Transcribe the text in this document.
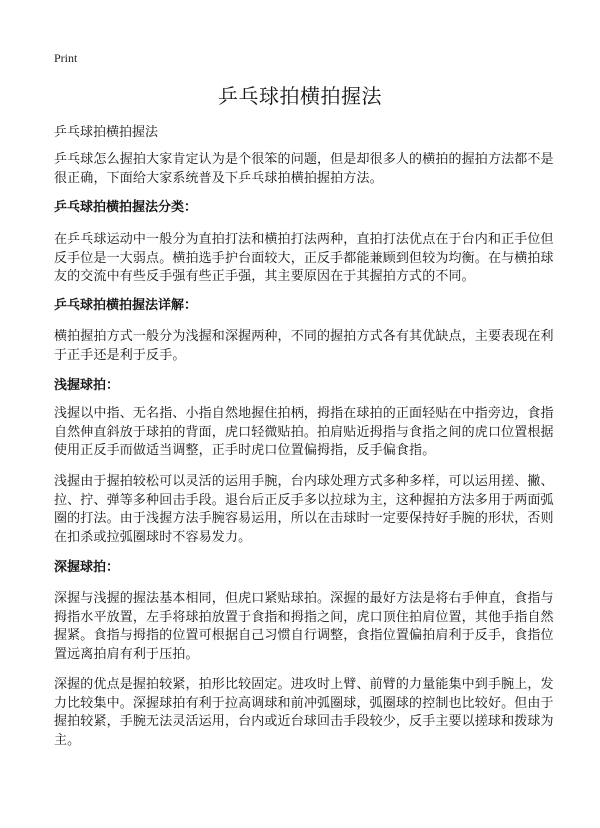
Print
乒乓球拍横拍握法
乒乓球拍横拍握法

乒乓球怎么握拍大家肯定认为是个很笨的问题，但是却很多人的横拍的握拍方法都不是很正确，下面给大家系统普及下乒乓球拍横拍握拍方法。

乒乓球拍横拍握法分类：

在乒乓球运动中一般分为直拍打法和横拍打法两种，直拍打法优点在于台内和正手位但反手位是一大弱点。横拍选手护台面较大，正反手都能兼顾到但较为均衡。在与横拍球友的交流中有些反手强有些正手强，其主要原因在于其握拍方式的不同。

乒乓球拍横拍握法详解：

横拍握拍方式一般分为浅握和深握两种，不同的握拍方式各有其优缺点，主要表现在利于正手还是利于反手。

浅握球拍：

浅握以中指、无名指、小指自然地握住拍柄，拇指在球拍的正面轻贴在中指旁边，食指自然伸直斜放于球拍的背面，虎口轻微贴拍。拍肩贴近拇指与食指之间的虎口位置根据使用正反手而做适当调整，正手时虎口位置偏拇指，反手偏食指。

浅握由于握拍较松可以灵活的运用手腕，台内球处理方式多种多样，可以运用搓、撇、拉、拧、弹等多种回击手段。退台后正反手多以拉球为主，这种握拍方法多用于两面弧圈的打法。由于浅握方法手腕容易运用，所以在击球时一定要保持好手腕的形状，否则在扣杀或拉弧圈球时不容易发力。

深握球拍：

深握与浅握的握法基本相同，但虎口紧贴球拍。深握的最好方法是将右手伸直，食指与拇指水平放置，左手将球拍放置于食指和拇指之间，虎口顶住拍肩位置，其他手指自然握紧。食指与拇指的位置可根据自己习惯自行调整，食指位置偏拍肩利于反手，食指位置远离拍肩有利于压拍。

深握的优点是握拍较紧，拍形比较固定。进攻时上臂、前臂的力量能集中到手腕上，发力比较集中。深握球拍有利于拉高调球和前冲弧圈球，弧圈球的控制也比较好。但由于握拍较紧，手腕无法灵活运用，台内或近台球回击手段较少，反手主要以搓球和拨球为主。
